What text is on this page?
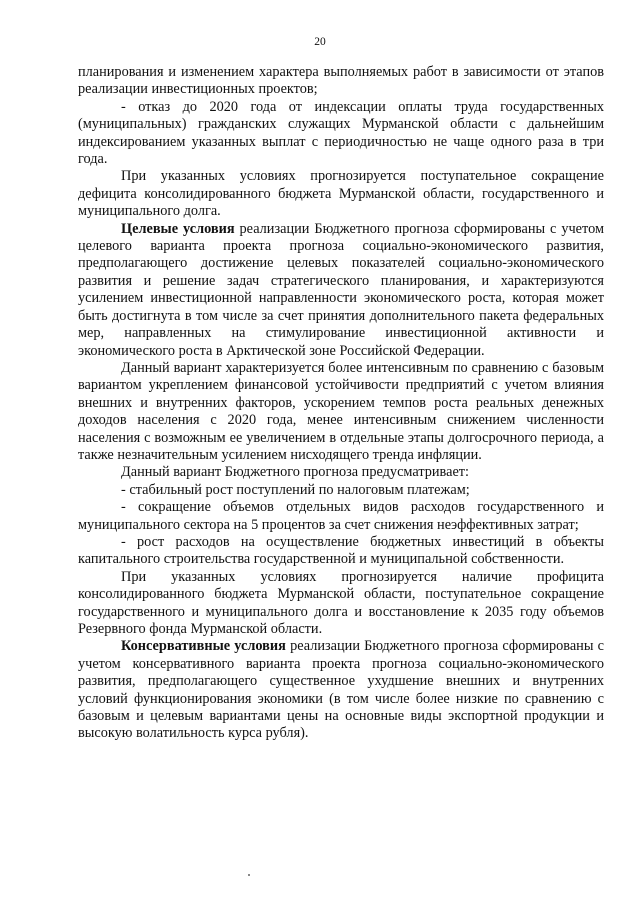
20

планирования и изменением характера выполняемых работ в зависимости от этапов реализации инвестиционных проектов;

- отказ до 2020 года от индексации оплаты труда государственных (муниципальных) гражданских служащих Мурманской области с дальнейшим индексированием указанных выплат с периодичностью не чаще одного раза в три года.

При указанных условиях прогнозируется поступательное сокращение дефицита консолидированного бюджета Мурманской области, государственного и муниципального долга.

Целевые условия реализации Бюджетного прогноза сформированы с учетом целевого варианта проекта прогноза социально-экономического развития, предполагающего достижение целевых показателей социально-экономического развития и решение задач стратегического планирования, и характеризуются усилением инвестиционной направленности экономического роста, которая может быть достигнута в том числе за счет принятия дополнительного пакета федеральных мер, направленных на стимулирование инвестиционной активности и экономического роста в Арктической зоне Российской Федерации.

Данный вариант характеризуется более интенсивным по сравнению с базовым вариантом укреплением финансовой устойчивости предприятий с учетом влияния внешних и внутренних факторов, ускорением темпов роста реальных денежных доходов населения с 2020 года, менее интенсивным снижением численности населения с возможным ее увеличением в отдельные этапы долгосрочного периода, а также незначительным усилением нисходящего тренда инфляции.

Данный вариант Бюджетного прогноза предусматривает:

- стабильный рост поступлений по налоговым платежам;

- сокращение объемов отдельных видов расходов государственного и муниципального сектора на 5 процентов за счет снижения неэффективных затрат;

- рост расходов на осуществление бюджетных инвестиций в объекты капитального строительства государственной и муниципальной собственности.

При указанных условиях прогнозируется наличие профицита консолидированного бюджета Мурманской области, поступательное сокращение государственного и муниципального долга и восстановление к 2035 году объемов Резервного фонда Мурманской области.

Консервативные условия реализации Бюджетного прогноза сформированы с учетом консервативного варианта проекта прогноза социально-экономического развития, предполагающего существенное ухудшение внешних и внутренних условий функционирования экономики (в том числе более низкие по сравнению с базовым и целевым вариантами цены на основные виды экспортной продукции и высокую волатильность курса рубля).
